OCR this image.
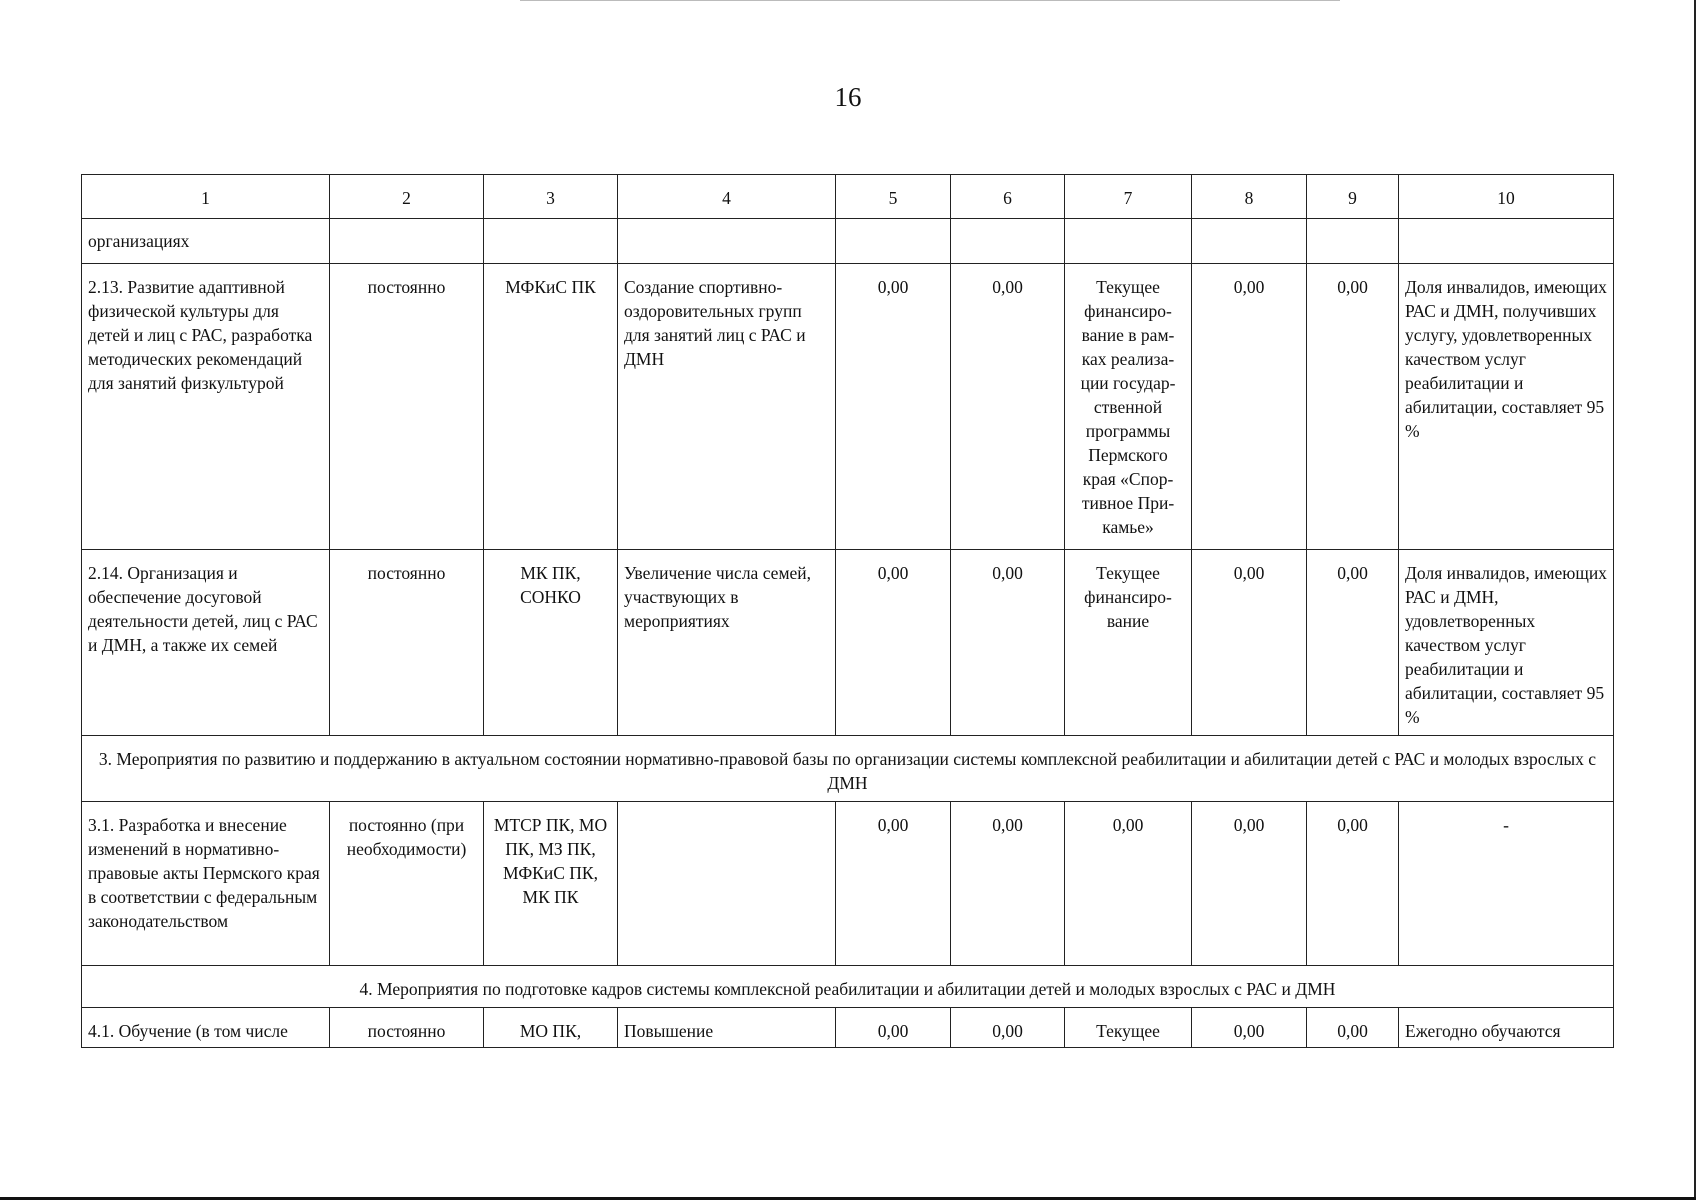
16
1	2	3	4	5	6	7	8	9	10
организациях									
2.13. Развитие адаптивной физической культуры для детей и лиц с РАС, разработка методических рекомендаций для занятий физкультурой	постоянно	МФКиС ПК	Создание спортивно-оздоровительных групп для занятий лиц с РАС и ДМН	0,00	0,00	Текущее финансиро-вание в рам-ках реализа-ции государ-ственной программы Пермского края «Спор-тивное При-камье»	0,00	0,00	Доля инвалидов, имеющих РАС и ДМН, получивших услугу, удовлетворенных качеством услуг реабилитации и абилитации, составляет 95 %
2.14. Организация и обеспечение досуговой деятельности детей, лиц с РАС и ДМН, а также их семей	постоянно	МК ПК, СОНКО	Увеличение числа семей, участвующих в мероприятиях	0,00	0,00	Текущее финансиро-вание	0,00	0,00	Доля инвалидов, имеющих РАС и ДМН, удовлетворенных качеством услуг реабилитации и абилитации, составляет 95 %
3. Мероприятия по развитию и поддержанию в актуальном состоянии нормативно-правовой базы по организации системы комплексной реабилитации и абилитации детей с РАС и молодых взрослых с ДМН									
3.1. Разработка и внесение изменений в нормативно-правовые акты Пермского края в соответствии с федеральным законодательством	постоянно (при необходимости)	МТСР ПК, МО ПК, МЗ ПК, МФКиС ПК, МК ПК		0,00	0,00	0,00	0,00	0,00	-
4. Мероприятия по подготовке кадров системы комплексной реабилитации и абилитации детей и молодых взрослых с РАС и ДМН									
4.1. Обучение (в том числе	постоянно	МО ПК,	Повышение	0,00	0,00	Текущее	0,00	0,00	Ежегодно обучаются
